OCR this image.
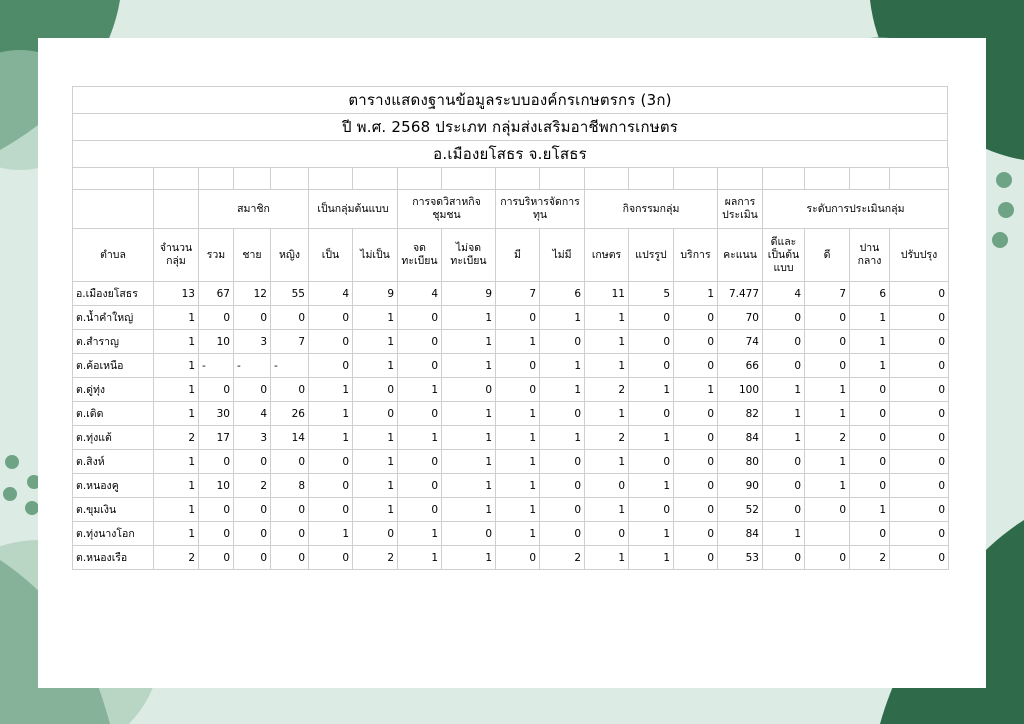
ตารางแสดงฐานข้อมูลระบบองค์กรเกษตรกร (3ก)
ปี พ.ศ. 2568 ประเภท กลุ่มส่งเสริมอาชีพการเกษตร
อ.เมืองยโสธร จ.ยโสธร

		สมาชิก			เป็นกลุ่มต้นแบบ		การจดวิสาหกิจชุมชน		การบริหารจัดการทุน		กิจกรรมกลุ่ม			ผลการประเมิน	ระดับการประเมินกลุ่ม			
ตำบล	จำนวนกลุ่ม	รวม	ชาย	หญิง	เป็น	ไม่เป็น	จดทะเบียน	ไม่จดทะเบียน	มี	ไม่มี	เกษตร	แปรรูป	บริการ	คะแนน	ดีและเป็นต้นแบบ	ดี	ปานกลาง	ปรับปรุง
อ.เมืองยโสธร	13	67	12	55	4	9	4	9	7	6	11	5	1	7.477	4	7	6	0
ต.น้ำคำใหญ่	1	0	0	0	0	1	0	1	0	1	1	0	0	70	0	0	1	0
ต.สำราญ	1	10	3	7	0	1	0	1	1	0	1	0	0	74	0	0	1	0
ต.ค้อเหนือ	1	-	-	-	0	1	0	1	0	1	1	0	0	66	0	0	1	0
ต.ดู่ทุ่ง	1	0	0	0	1	0	1	0	0	1	2	1	1	100	1	1	0	0
ต.เดิด	1	30	4	26	1	0	0	1	1	0	1	0	0	82	1	1	0	0
ต.ทุ่งแต้	2	17	3	14	1	1	1	1	1	1	2	1	0	84	1	2	0	0
ต.สิงห์	1	0	0	0	0	1	0	1	1	0	1	0	0	80	0	1	0	0
ต.หนองคู	1	10	2	8	0	1	0	1	1	0	0	1	0	90	0	1	0	0
ต.ขุมเงิน	1	0	0	0	0	1	0	1	1	0	1	0	0	52	0	0	1	0
ต.ทุ่งนางโอก	1	0	0	0	1	0	1	0	1	0	0	1	0	84	1		0	0
ต.หนองเรือ	2	0	0	0	0	2	1	1	0	2	1	1	0	53	0	0	2	0
